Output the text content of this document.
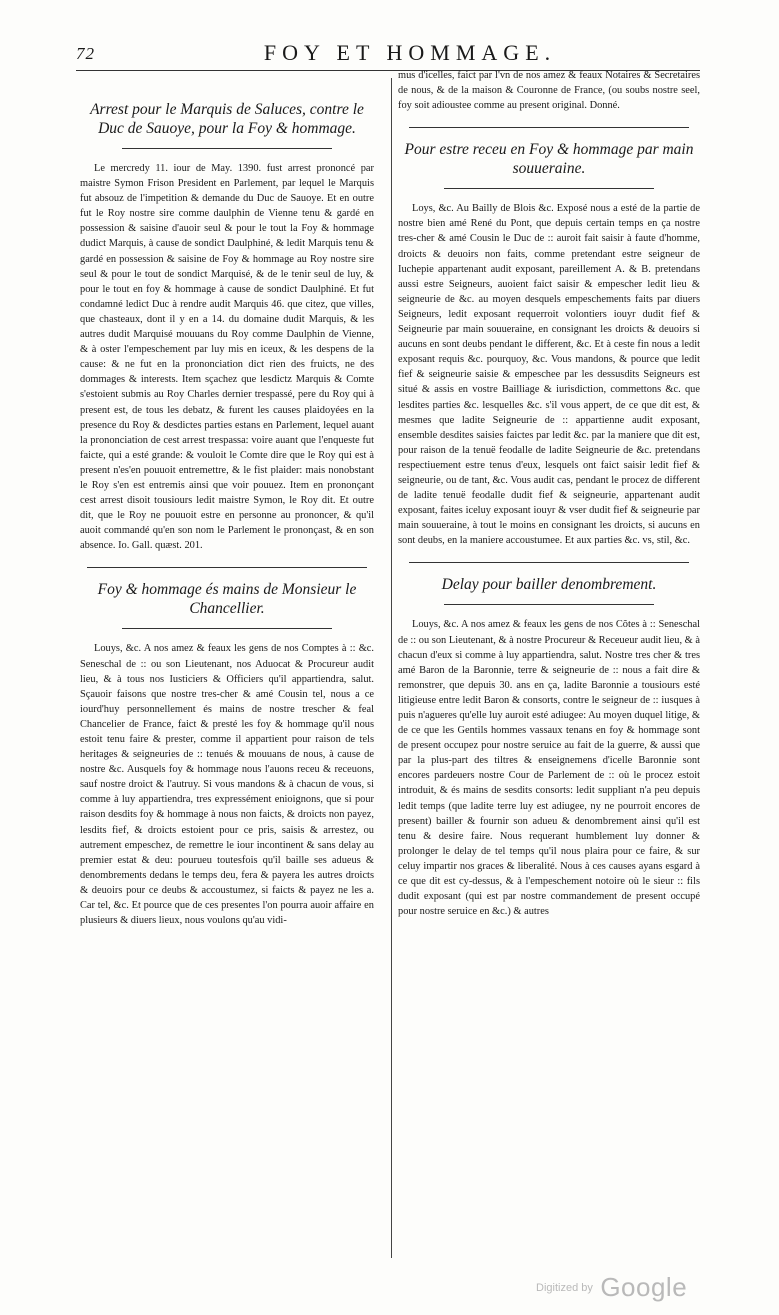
72	FOY ET HOMMAGE.
Arrest pour le Marquis de Saluces, contre le Duc de Sauoye, pour la Foy & hommage.

Le mercredy 11. iour de May. 1390. fust arrest prononcé par maistre Symon Frison President en Parlement, par lequel le Marquis fut absouz de l'impetition & demande du Duc de Sauoye. Et en outre fut le Roy nostre sire comme daulphin de Vienne tenu & gardé en possession & saisine d'auoir seul & pour le tout la Foy & hommage dudict Marquis, à cause de sondict Daulphiné, & ledit Marquis tenu & gardé en possession & saisine de Foy & hommage au Roy nostre sire seul & pour le tout de sondict Marquisé, & de le tenir seul de luy, & pour le tout en foy & hommage à cause de sondict Daulphiné. Et fut condamné ledict Duc à rendre audit Marquis 46. que citez, que villes, que chasteaux, dont il y en a 14. du domaine dudit Marquis, & les autres dudit Marquisé mouuans du Roy comme Daulphin de Vienne, & à oster l'empeschement par luy mis en iceux, & les despens de la cause: & ne fut en la prononciation dict rien des fruicts, ne des dommages & interests. Item sçachez que lesdictz Marquis & Comte s'estoient submis au Roy Charles dernier trespassé, pere du Roy qui à present est, de tous les debatz, & furent les causes plaidoyées en la presence du Roy & desdictes parties estans en Parlement, lequel auant la prononciation de cest arrest trespassa: voire auant que l'enqueste fut faicte, qui a esté grande: & vouloit le Comte dire que le Roy qui est à present n'es'en pouuoit entremettre, & le fist plaider: mais nonobstant le Roy s'en est entremis ainsi que voir pouuez. Item en prononçant cest arrest disoit tousiours ledit maistre Symon, le Roy dit. Et outre dit, que le Roy ne pouuoit estre en personne au prononcer, & qu'il auoit commandé qu'en son nom le Parlement le prononçast, & en son absence. Io. Gall. quæst. 201.

Foy & hommage és mains de Monsieur le Chancellier.

Louys, &c. A nos amez & feaux les gens de nos Comptes à :: &c. Seneschal de :: ou son Lieutenant, nos Aduocat & Procureur audit lieu, & à tous nos Iusticiers & Officiers qu'il appartiendra, salut. Sçauoir faisons que nostre tres-cher & amé Cousin tel, nous a ce iourd'huy personnellement és mains de nostre trescher & feal Chancelier de France, faict & presté les foy & hommage qu'il nous estoit tenu faire & prester, comme il appartient pour raison de tels heritages & seigneuries de :: tenués & mouuans de nous, à cause de nostre &c. Ausquels foy & hommage nous l'auons receu & receuons, sauf nostre droict & l'autruy. Si vous mandons & à chacun de vous, si comme à luy appartiendra, tres expressément enioignons, que si pour raison desdits foy & hommage à nous non faicts, & droicts non payez, lesdits fief, & droicts estoient pour ce pris, saisis & arrestez, ou autrement empeschez, de remettre le iour incontinent & sans delay au premier estat & deu: pourueu toutesfois qu'il baille ses adueus & denombrements dedans le temps deu, fera & payera les autres droicts & deuoirs pour ce deubs & accoustumez, si faicts & payez ne les a. Car tel, &c. Et pource que de ces presentes l'on pourra auoir affaire en plusieurs & diuers lieux, nous voulons qu'au vidi-

mus d'icelles, faict par l'vn de nos amez & feaux Notaires & Secretaires de nous, & de la maison & Couronne de France, (ou soubs nostre seel, foy soit adioustee comme au present original. Donné.

Pour estre receu en Foy & hommage par main souueraine.

Loys, &c. Au Bailly de Blois &c. Exposé nous a esté de la partie de nostre bien amé René du Pont, que depuis certain temps en ça nostre tres-cher & amé Cousin le Duc de :: auroit fait saisir à faute d'homme, droicts & deuoirs non faits, comme pretendant estre seigneur de Iuchepie appartenant audit exposant, pareillement A. & B. pretendans aussi estre Seigneurs, auoient faict saisir & empescher ledit lieu & seigneurie de &c. au moyen desquels empeschements faits par diuers Seigneurs, ledit exposant requerroit volontiers iouyr dudit fief & Seigneurie par main souueraine, en consignant les droicts & deuoirs si aucuns en sont deubs pendant le different, &c. Et à ceste fin nous a ledit exposant requis &c. pourquoy, &c. Vous mandons, & pource que ledit fief & seigneurie saisie & empeschee par les dessusdits Seigneurs est situé & assis en vostre Bailliage & iurisdiction, commettons &c. que lesdites parties &c. lesquelles &c. s'il vous appert, de ce que dit est, & mesmes que ladite Seigneurie de :: appartienne audit exposant, ensemble desdites saisies faictes par ledit &c. par la maniere que dit est, pour raison de la tenuë feodalle de ladite Seigneurie de &c. pretendans respectiuement estre tenus d'eux, lesquels ont faict saisir ledit fief & seigneurie, ou de tant, &c. Vous audit cas, pendant le procez de different de ladite tenuë feodalle dudit fief & seigneurie, appartenant audit exposant, faites iceluy exposant iouyr & vser dudit fief & seigneurie par main souueraine, à tout le moins en consignant les droicts, si aucuns en sont deubs, en la maniere accoustumee. Et aux parties &c. vs, stil, &c.

Delay pour bailler denombrement.

Louys, &c. A nos amez & feaux les gens de nos Cõtes à :: Seneschal de :: ou son Lieutenant, & à nostre Procureur & Receueur audit lieu, & à chacun d'eux si comme à luy appartiendra, salut. Nostre tres cher & tres amé Baron de la Baronnie, terre & seigneurie de :: nous a fait dire & remonstrer, que depuis 30. ans en ça, ladite Baronnie a tousiours esté litigieuse entre ledit Baron & consorts, contre le seigneur de :: iusques à puis n'agueres qu'elle luy auroit esté adiugee: Au moyen duquel litige, & de ce que les Gentils hommes vassaux tenans en foy & hommage sont de present occupez pour nostre seruice au fait de la guerre, & aussi que par la plus-part des tiltres & enseignemens d'icelle Baronnie sont encores pardeuers nostre Cour de Parlement de :: où le procez estoit introduit, & és mains de sesdits consorts: ledit suppliant n'a peu depuis ledit temps (que ladite terre luy est adiugee, ny ne pourroit encores de present) bailler & fournir son adueu & denombrement ainsi qu'il est tenu & desire faire. Nous requerant humblement luy donner & prolonger le delay de tel temps qu'il nous plaira pour ce faire, & sur celuy impartir nos graces & liberalité. Nous à ces causes ayans esgard à ce que dit est cy-dessus, & à l'empeschement notoire où le sieur :: fils dudit exposant (qui est par nostre commandement de present occupé pour nostre seruice en &c.) & autres

Digitized by Google
